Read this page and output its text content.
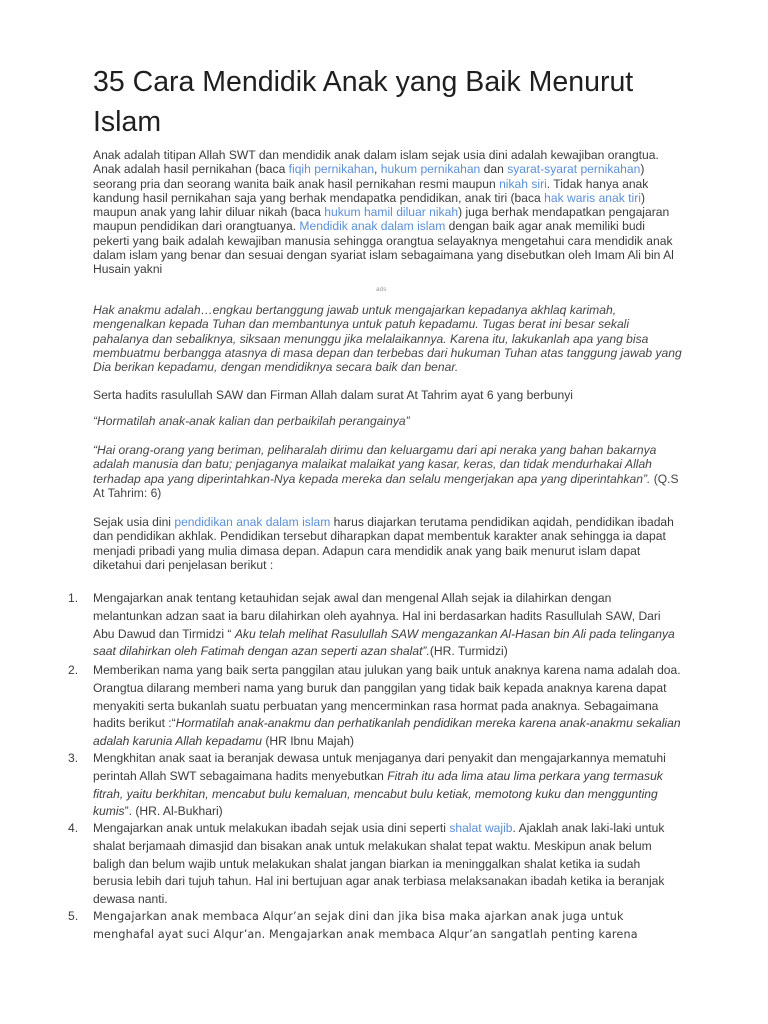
35 Cara Mendidik Anak yang Baik Menurut Islam

Anak adalah titipan Allah SWT dan mendidik anak dalam islam sejak usia dini adalah kewajiban orangtua. Anak adalah hasil pernikahan (baca fiqih pernikahan, hukum pernikahan dan syarat-syarat pernikahan) seorang pria dan seorang wanita baik anak hasil pernikahan resmi maupun nikah siri. Tidak hanya anak kandung hasil pernikahan saja yang berhak mendapatka pendidikan, anak tiri (baca hak waris anak tiri) maupun anak yang lahir diluar nikah (baca hukum hamil diluar nikah) juga berhak mendapatkan pengajaran maupun pendidikan dari orangtuanya. Mendidik anak dalam islam dengan baik agar anak memiliki budi pekerti yang baik adalah kewajiban manusia sehingga orangtua selayaknya mengetahui cara mendidik anak dalam islam yang benar dan sesuai dengan syariat islam sebagaimana yang disebutkan oleh Imam Ali bin Al Husain yakni

ads

Hak anakmu adalah…engkau bertanggung jawab untuk mengajarkan kepadanya akhlaq karimah, mengenalkan kepada Tuhan dan membantunya untuk patuh kepadamu. Tugas berat ini besar sekali pahalanya dan sebaliknya, siksaan menunggu jika melalaikannya. Karena itu, lakukanlah apa yang bisa membuatmu berbangga atasnya di masa depan dan terbebas dari hukuman Tuhan atas tanggung jawab yang Dia berikan kepadamu, dengan mendidiknya secara baik dan benar.

Serta hadits rasulullah SAW dan Firman Allah dalam surat At Tahrim ayat 6 yang berbunyi

“Hormatilah anak-anak kalian dan perbaikilah perangainya”

“Hai orang-orang yang beriman, peliharalah dirimu dan keluargamu dari api neraka yang bahan bakarnya adalah manusia dan batu; penjaganya malaikat malaikat yang kasar, keras, dan tidak mendurhakai Allah terhadap apa yang diperintahkan-Nya kepada mereka dan selalu mengerjakan apa yang diperintahkan”. (Q.S At Tahrim: 6)

Sejak usia dini pendidikan anak dalam islam harus diajarkan terutama pendidikan aqidah, pendidikan ibadah dan pendidikan akhlak. Pendidikan tersebut diharapkan dapat membentuk karakter anak sehingga ia dapat menjadi pribadi yang mulia dimasa depan. Adapun cara mendidik anak yang baik menurut islam dapat diketahui dari penjelasan berikut :

1. Mengajarkan anak tentang ketauhidan sejak awal dan mengenal Allah sejak ia dilahirkan dengan melantunkan adzan saat ia baru dilahirkan oleh ayahnya. Hal ini berdasarkan hadits Rasullulah SAW, Dari Abu Dawud dan Tirmidzi “ Aku telah melihat Rasulullah SAW mengazankan Al-Hasan bin Ali pada telinganya saat dilahirkan oleh Fatimah dengan azan seperti azan shalat”.(HR. Turmidzi)
2. Memberikan nama yang baik serta panggilan atau julukan yang baik untuk anaknya karena nama adalah doa. Orangtua dilarang memberi nama yang buruk dan panggilan yang tidak baik kepada anaknya karena dapat menyakiti serta bukanlah suatu perbuatan yang mencerminkan rasa hormat pada anaknya. Sebagaimana hadits berikut :“Hormatilah anak-anakmu dan perhatikanlah pendidikan mereka karena anak-anakmu sekalian adalah karunia Allah kepadamu (HR Ibnu Majah)
3. Mengkhitan anak saat ia beranjak dewasa untuk menjaganya dari penyakit dan mengajarkannya mematuhi perintah Allah SWT sebagaimana hadits menyebutkan Fitrah itu ada lima atau lima perkara yang termasuk fitrah, yaitu berkhitan, mencabut bulu kemaluan, mencabut bulu ketiak, memotong kuku dan menggunting kumis”. (HR. Al-Bukhari)
4. Mengajarkan anak untuk melakukan ibadah sejak usia dini seperti shalat wajib. Ajaklah anak laki-laki untuk shalat berjamaah dimasjid dan bisakan anak untuk melakukan shalat tepat waktu. Meskipun anak belum baligh dan belum wajib untuk melakukan shalat jangan biarkan ia meninggalkan shalat ketika ia sudah berusia lebih dari tujuh tahun. Hal ini bertujuan agar anak terbiasa melaksanakan ibadah ketika ia beranjak dewasa nanti.
5. Mengajarkan anak membaca Alqur’an sejak dini dan jika bisa maka ajarkan anak juga untuk menghafal ayat suci Alqur’an. Mengajarkan anak membaca Alqur’an sangatlah penting karena
